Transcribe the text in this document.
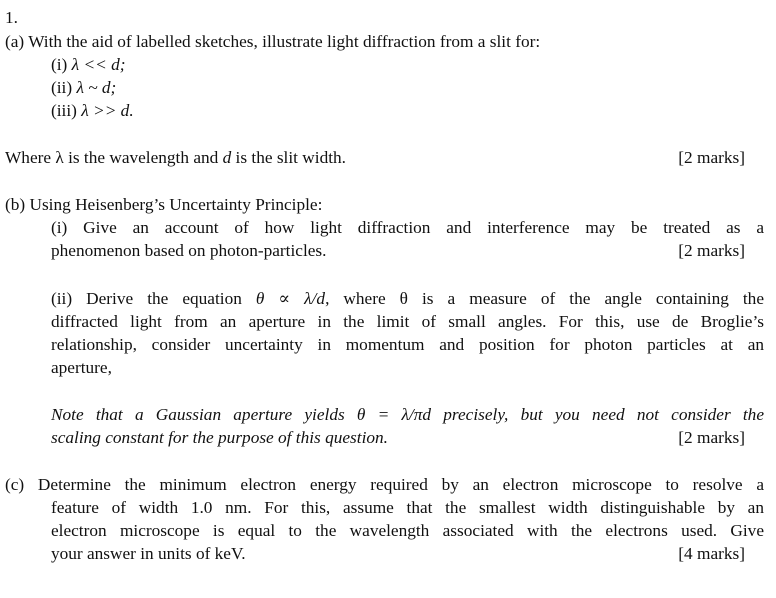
1.
(a) With the aid of labelled sketches, illustrate light diffraction from a slit for:
(i) λ << d;
(ii) λ ~ d;
(iii) λ >> d.
Where λ is the wavelength and d is the slit width.	[2 marks]
(b) Using Heisenberg’s Uncertainty Principle:
(i) Give an account of how light diffraction and interference may be treated as a
phenomenon based on photon-particles.	[2 marks]
(ii) Derive the equation θ ∝ λ/d, where θ is a measure of the angle containing the
diffracted light from an aperture in the limit of small angles. For this, use de Broglie’s
relationship, consider uncertainty in momentum and position for photon particles at an
aperture,
Note that a Gaussian aperture yields θ = λ/πd precisely, but you need not consider the
scaling constant for the purpose of this question.	[2 marks]
(c) Determine the minimum electron energy required by an electron microscope to resolve a
feature of width 1.0 nm. For this, assume that the smallest width distinguishable by an
electron microscope is equal to the wavelength associated with the electrons used. Give
your answer in units of keV.	[4 marks]
